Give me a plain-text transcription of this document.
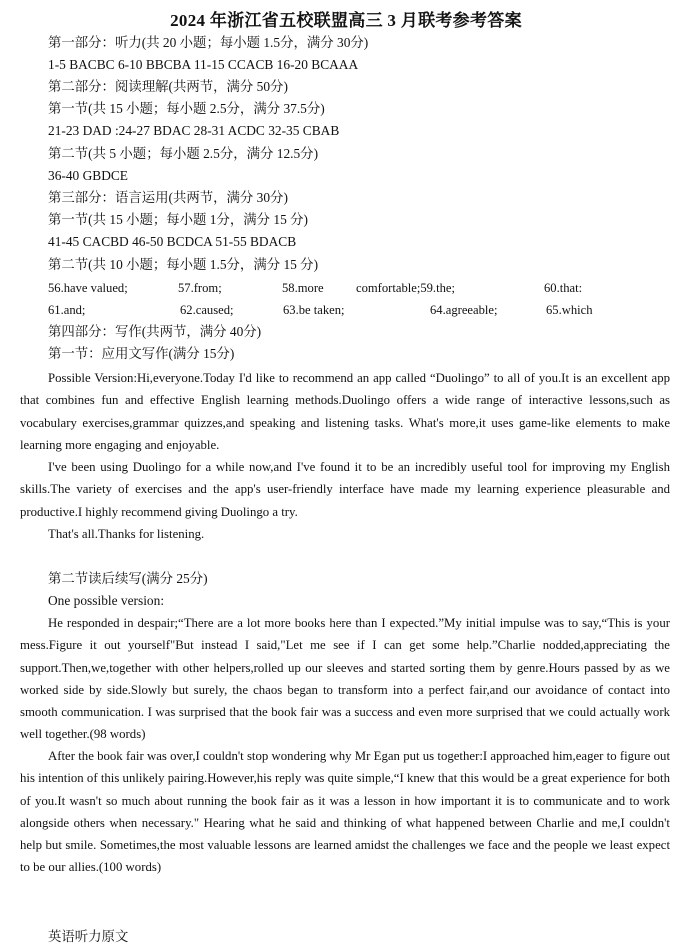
2024 年浙江省五校联盟高三 3 月联考参考答案
第一部分：听力(共 20 小题；每小题 1.5分，满分 30分)
1-5 BACBC 6-10 BBCBA 11-15 CCACB 16-20 BCAAA
第二部分：阅读理解(共两节，满分 50分)
第一节(共 15 小题；每小题 2.5分，满分 37.5分)
21-23 DAD :24-27 BDAC 28-31 ACDC 32-35 CBAB
第二节(共 5 小题；每小题 2.5分，满分 12.5分)
36-40 GBDCE
第三部分：语言运用(共两节，满分 30分)
第一节(共 15 小题；每小题 1分，满分 15 分)
41-45 CACBD 46-50 BCDCA 51-55 BDACB
第二节(共 10 小题；每小题 1.5分，满分 15 分)
56.have valued;	57.from;	58.more	comfortable;59.the;	60.that:
61.and;	62.caused;	63.be taken;	64.agreeable;	65.which
第四部分：写作(共两节，满分 40分)
第一节：应用文写作(满分 15分)
Possible Version:Hi,everyone.Today I'd like to recommend an app called “Duolingo” to all of you.It is an excellent app that combines fun and effective English learning methods.Duolingo offers a wide range of interactive lessons,such as vocabulary exercises,grammar quizzes,and speaking and listening tasks. What's more,it uses game-like elements to make learning more engaging and enjoyable.
I've been using Duolingo for a while now,and I've found it to be an incredibly useful tool for improving my English skills.The variety of exercises and the app's user-friendly interface have made my learning experience pleasurable and productive.I highly recommend giving Duolingo a try.
That's all.Thanks for listening.
第二节读后续写(满分 25分)
One possible version:
He responded in despair;“There are a lot more books here than I expected.”My initial impulse was to say,“This is your mess.Figure it out yourself"But instead I said,"Let me see if I can get some help.”Charlie nodded,appreciating the support.Then,we,together with other helpers,rolled up our sleeves and started sorting them by genre.Hours passed by as we worked side by side.Slowly but surely, the chaos began to transform into a perfect fair,and our avoidance of contact into smooth communication. I was surprised that the book fair was a success and even more surprised that we could actually work well together.(98 words)
After the book fair was over,I couldn't stop wondering why Mr Egan put us together:I approached him,eager to figure out his intention of this unlikely pairing.However,his reply was quite simple,“I knew that this would be a great experience for both of you.It wasn't so much about running the book fair as it was a lesson in how important it is to communicate and to work alongside others when necessary." Hearing what he said and thinking of what happened between Charlie and me,I couldn't help but smile. Sometimes,the most valuable lessons are learned amidst the challenges we face and the people we least expect to be our allies.(100 words)
英语听力原文
